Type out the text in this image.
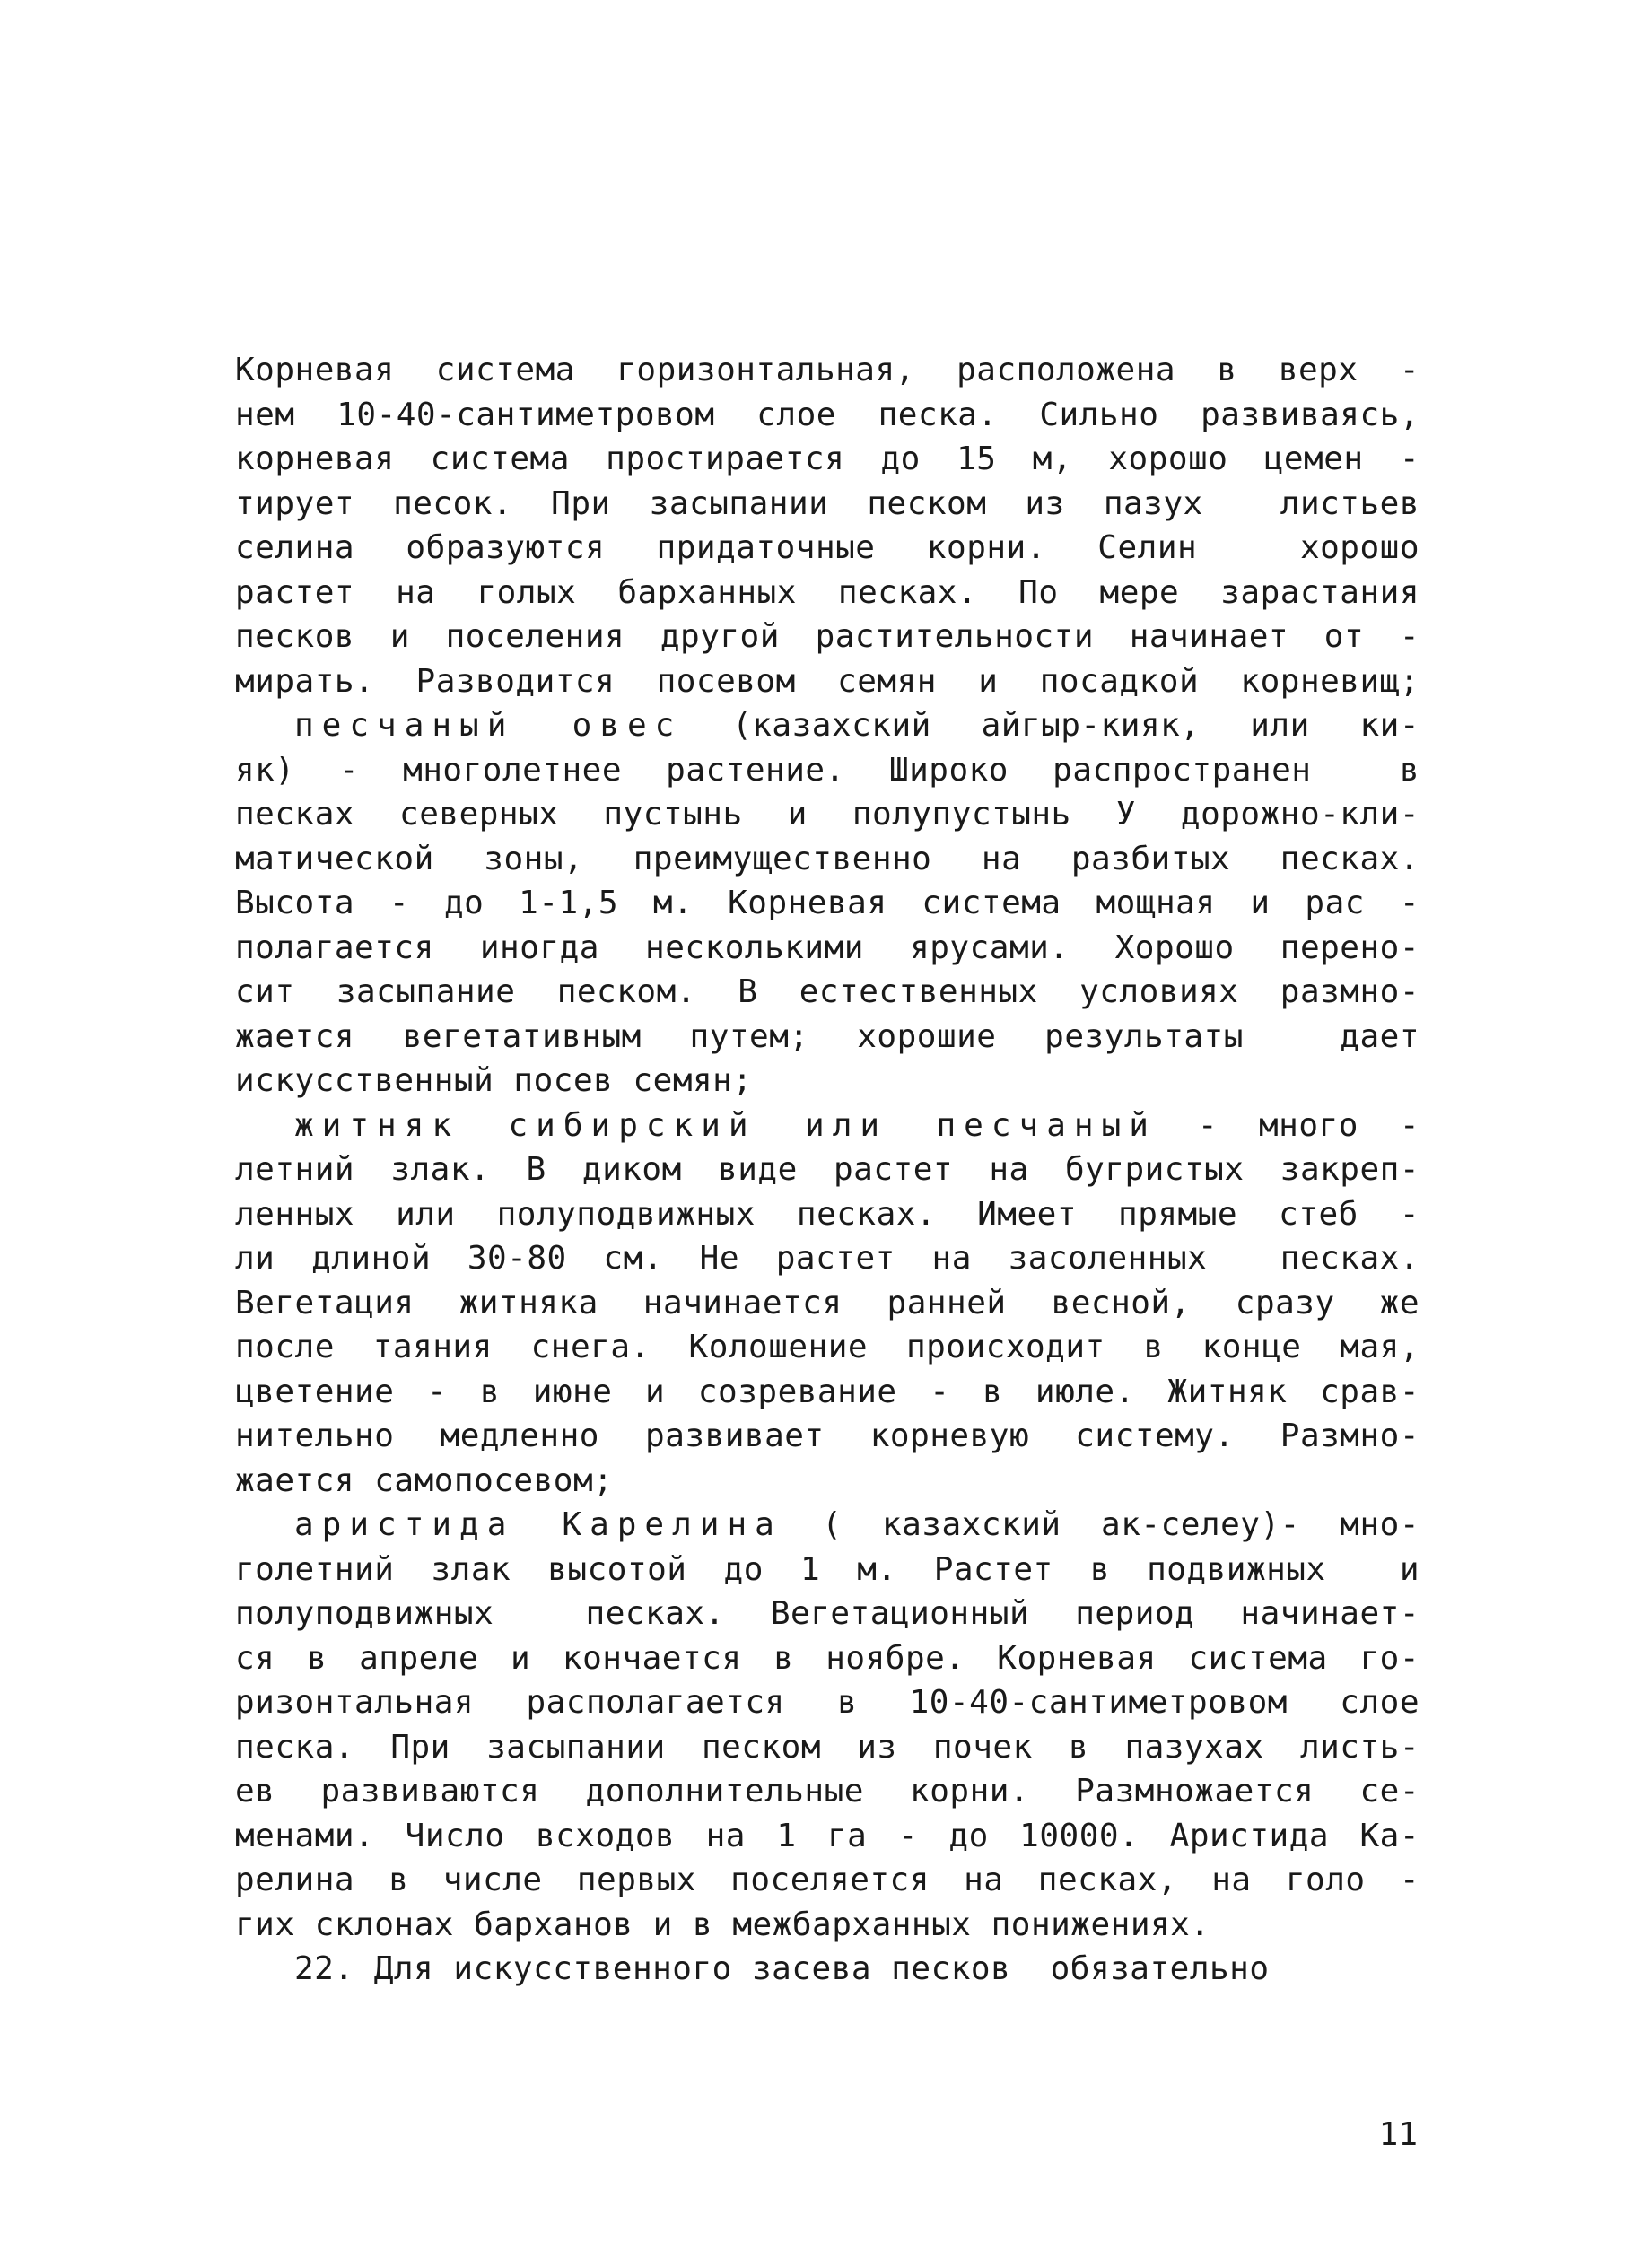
Корневая система горизонтальная, расположена в верх -
нем 10-40-сантиметровом слое песка. Сильно развиваясь,
корневая система простирается до 15 м, хорошо цемен -
тирует песок. При засыпании песком из пазух  листьев
селина образуются придаточные корни. Селин  хорошо
растет на голых барханных песках. По мере зарастания
песков и поселения другой растительности начинает от -
мирать. Разводится посевом семян и посадкой корневищ;
песчаный овес (казахский айгыр-кияк, или ки-
як) - многолетнее растение. Широко распространен  в
песках северных пустынь и полупустынь У дорожно-кли-
матической зоны, преимущественно на разбитых песках.
Высота - до 1-1,5 м. Корневая система мощная и рас -
полагается иногда несколькими ярусами. Хорошо перено-
сит засыпание песком. В естественных условиях размно-
жается вегетативным путем; хорошие результаты  дает
искусственный посев семян;
житняк сибирский или песчаный - много -
летний злак. В диком виде растет на бугристых закреп-
ленных или полуподвижных песках. Имеет прямые стеб -
ли длиной 30-80 см. Не растет на засоленных  песках.
Вегетация житняка начинается ранней весной, сразу же
после таяния снега. Колошение происходит в конце мая,
цветение - в июне и созревание - в июле. Житняк срав-
нительно медленно развивает корневую систему. Размно-
жается самопосевом;
аристида Карелина ( казахский ак-селеу)- мно-
голетний злак высотой до 1 м. Растет в подвижных  и
полуподвижных  песках. Вегетационный период начинает-
ся в апреле и кончается в ноябре. Корневая система го-
ризонтальная располагается в 10-40-сантиметровом слое
песка. При засыпании песком из почек в пазухах листь-
ев развиваются дополнительные корни. Размножается се-
менами. Число всходов на 1 га - до 10000. Аристида Ка-
релина в числе первых поселяется на песках, на голо -
гих склонах барханов и в межбарханных понижениях.
22. Для искусственного засева песков  обязательно
11
